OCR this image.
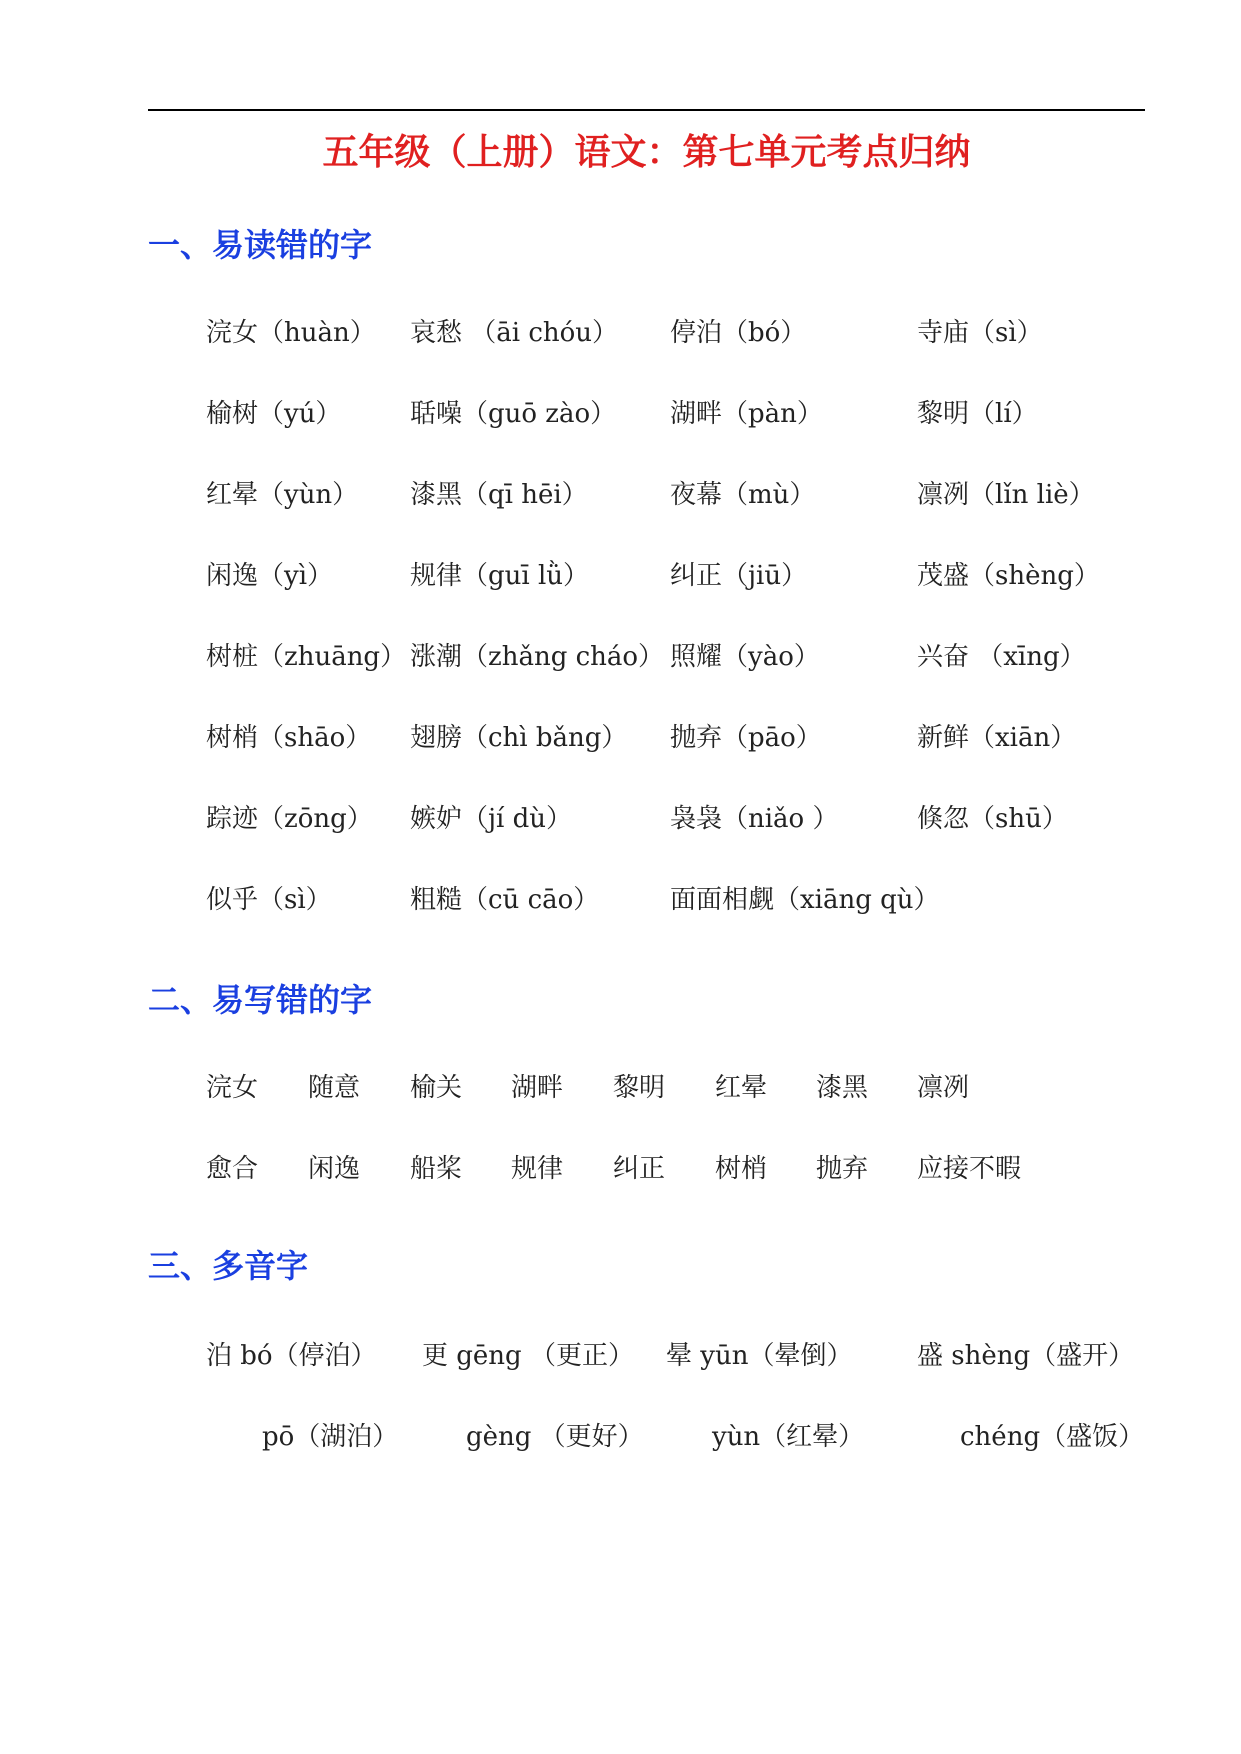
五年级（上册）语文：第七单元考点归纳
一、易读错的字
浣女（huàn） 哀愁 （āi chóu） 停泊（bó）	寺庙（sì）
榆树（yú）	聒噪（guō zào） 湖畔（pàn）	黎明（lí）
红晕（yùn） 漆黑（qī hēi）	夜幕（mù）	凛冽（lǐn liè）
闲逸（yì）	规律（guī lǜ）	纠正（jiū）	茂盛（shèng）
树桩（zhuāng） 涨潮（zhǎng cháo） 照耀（yào）	兴奋 （xīng）
树梢（shāo） 翅膀（chì bǎng） 抛弃（pāo）	新鲜（xiān）
踪迹（zōng） 嫉妒（jí dù）	袅袅（niǎo ）	倏忽（shū）
似乎（sì）	粗糙（cū cāo）	面面相觑（xiāng qù）
二、易写错的字
浣女 随意 榆关 湖畔 黎明 红晕 漆黑 凛冽
愈合 闲逸 船桨 规律 纠正 树梢 抛弃 应接不暇
三、多音字
泊 bó（停泊） 更 gēng （更正） 晕 yūn（晕倒） 盛 shèng（盛开）
pō（湖泊）	gèng （更好）	yùn（红晕）	chéng（盛饭）
